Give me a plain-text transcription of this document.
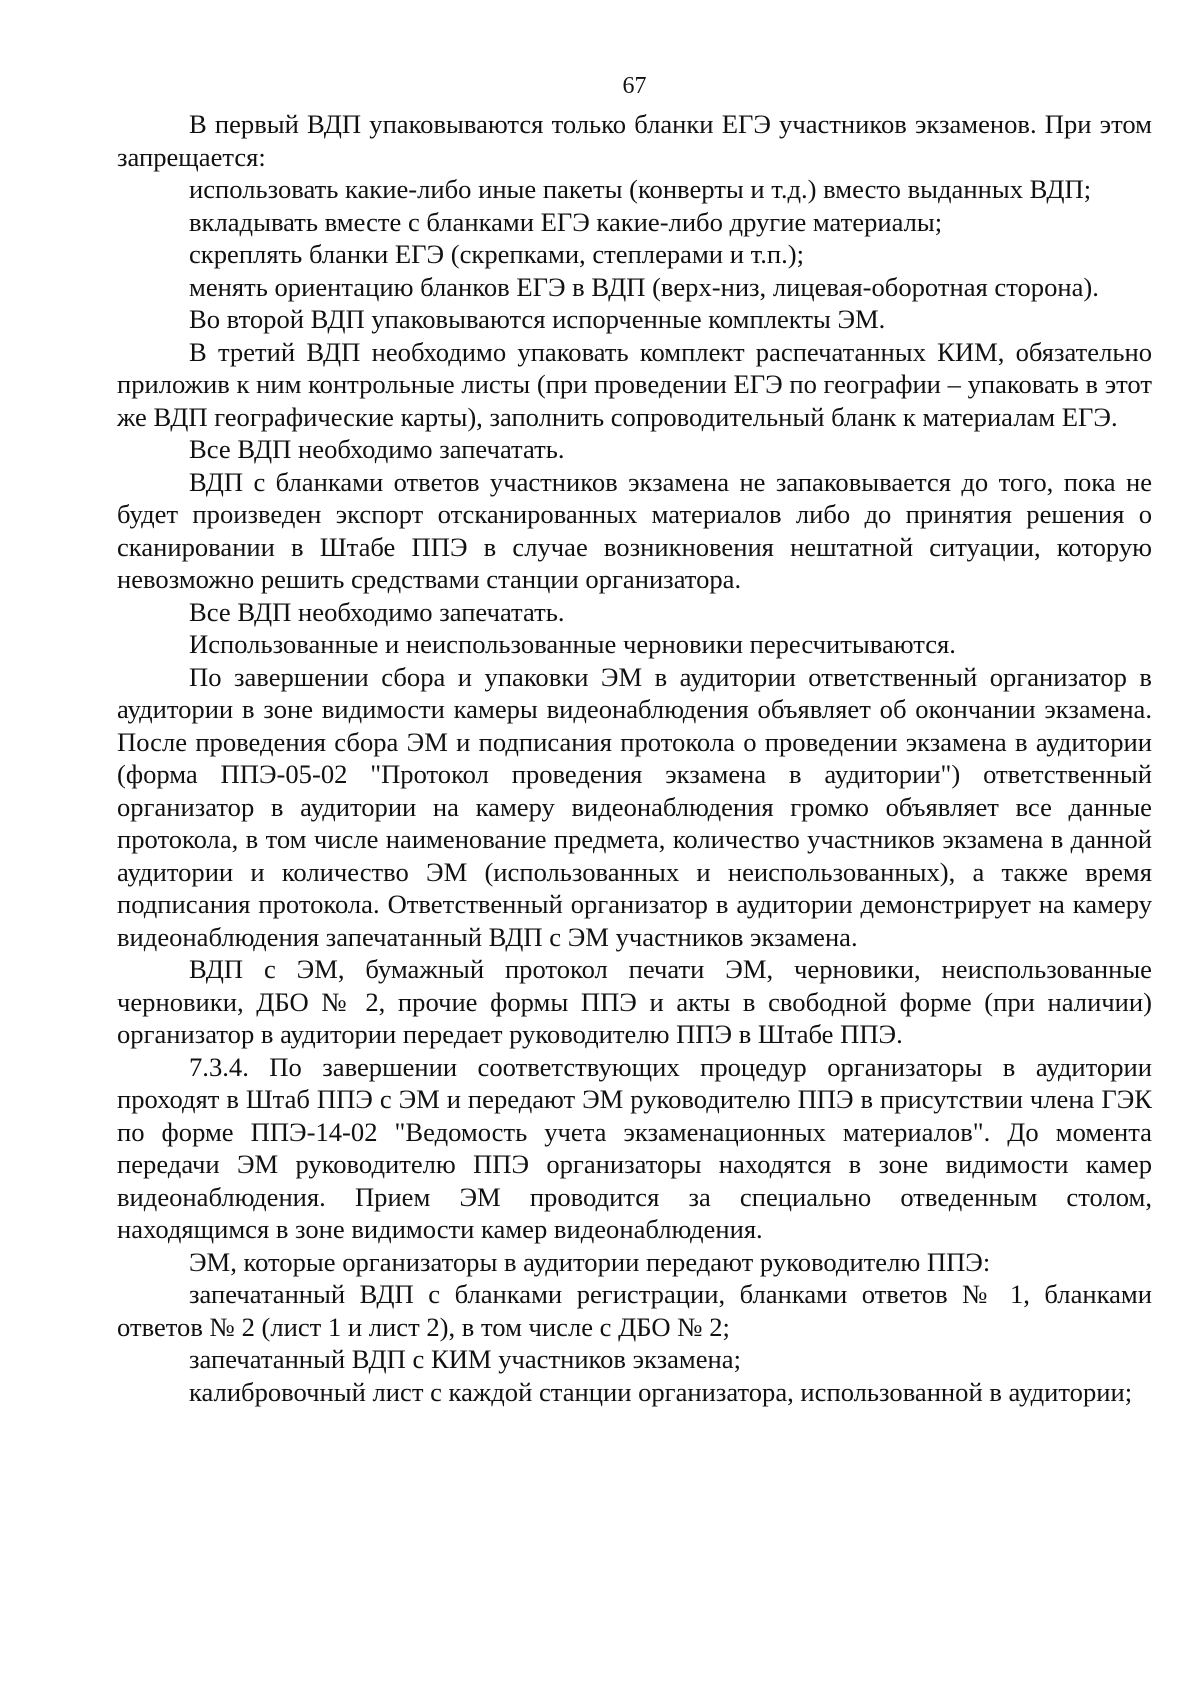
67

В первый ВДП упаковываются только бланки ЕГЭ участников экзаменов. При этом запрещается:

использовать какие-либо иные пакеты (конверты и т.д.) вместо выданных ВДП;

вкладывать вместе с бланками ЕГЭ какие-либо другие материалы;

скреплять бланки ЕГЭ (скрепками, степлерами и т.п.);

менять ориентацию бланков ЕГЭ в ВДП (верх-низ, лицевая-оборотная сторона).

Во второй ВДП упаковываются испорченные комплекты ЭМ.

В третий ВДП необходимо упаковать комплект распечатанных КИМ, обязательно приложив к ним контрольные листы (при проведении ЕГЭ по географии – упаковать в этот же ВДП географические карты), заполнить сопроводительный бланк к материалам ЕГЭ.

Все ВДП необходимо запечатать.

ВДП с бланками ответов участников экзамена не запаковывается до того, пока не будет произведен экспорт отсканированных материалов либо до принятия решения о сканировании в Штабе ППЭ в случае возникновения нештатной ситуации, которую невозможно решить средствами станции организатора.

Все ВДП необходимо запечатать.

Использованные и неиспользованные черновики пересчитываются.

По завершении сбора и упаковки ЭМ в аудитории ответственный организатор в аудитории в зоне видимости камеры видеонаблюдения объявляет об окончании экзамена. После проведения сбора ЭМ и подписания протокола о проведении экзамена в аудитории (форма ППЭ-05-02 "Протокол проведения экзамена в аудитории") ответственный организатор в аудитории на камеру видеонаблюдения громко объявляет все данные протокола, в том числе наименование предмета, количество участников экзамена в данной аудитории и количество ЭМ (использованных и неиспользованных), а также время подписания протокола. Ответственный организатор в аудитории демонстрирует на камеру видеонаблюдения запечатанный ВДП с ЭМ участников экзамена.

ВДП с ЭМ, бумажный протокол печати ЭМ, черновики, неиспользованные черновики, ДБО № 2, прочие формы ППЭ и акты в свободной форме (при наличии) организатор в аудитории передает руководителю ППЭ в Штабе ППЭ.

7.3.4. По завершении соответствующих процедур организаторы в аудитории проходят в Штаб ППЭ с ЭМ и передают ЭМ руководителю ППЭ в присутствии члена ГЭК по форме ППЭ-14-02 "Ведомость учета экзаменационных материалов". До момента передачи ЭМ руководителю ППЭ организаторы находятся в зоне видимости камер видеонаблюдения. Прием ЭМ проводится за специально отведенным столом, находящимся в зоне видимости камер видеонаблюдения.

ЭМ, которые организаторы в аудитории передают руководителю ППЭ:

запечатанный ВДП с бланками регистрации, бланками ответов № 1, бланками ответов № 2 (лист 1 и лист 2), в том числе с ДБО № 2;

запечатанный ВДП с КИМ участников экзамена;

калибровочный лист с каждой станции организатора, использованной в аудитории;
